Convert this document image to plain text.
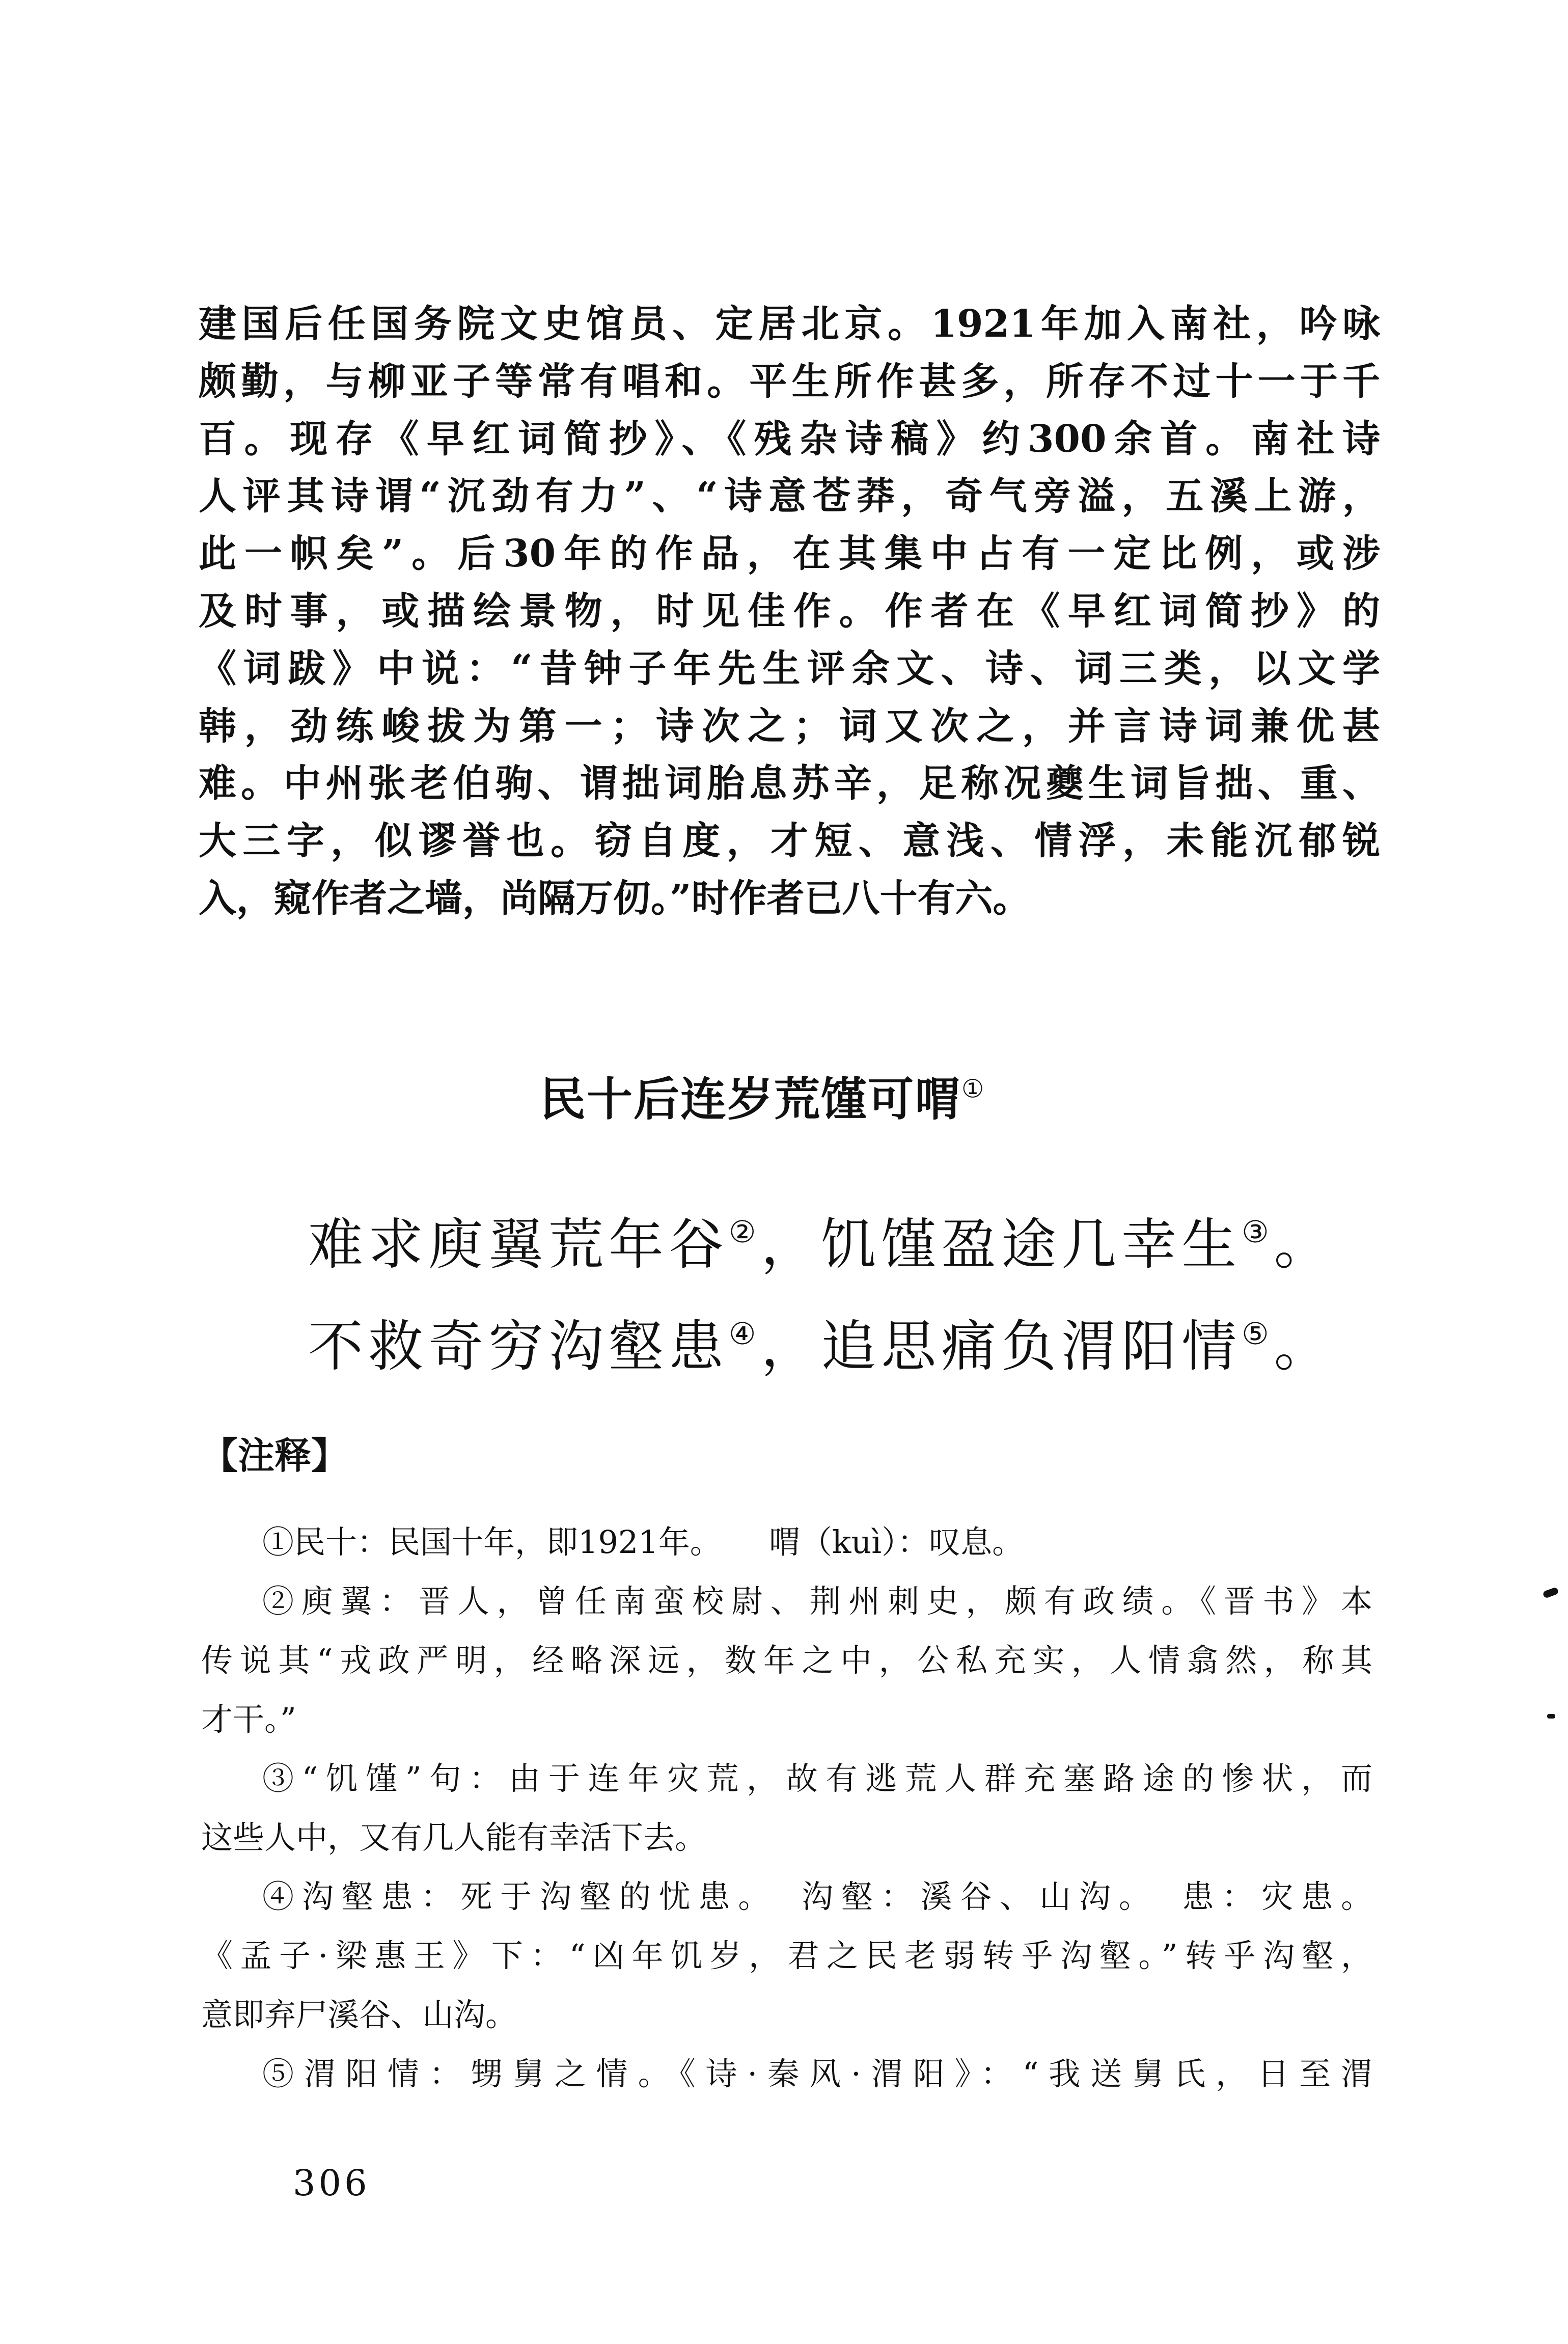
建国后任国务院文史馆员、定居北京。1921年加入南社，吟咏
颇勤，与柳亚子等常有唱和。平生所作甚多，所存不过十一于千
百。现存《早红词简抄》、《残杂诗稿》约300余首。南社诗
人评其诗谓“沉劲有力”、“诗意苍莽，奇气旁溢，五溪上游，
此一帜矣”。后30年的作品，在其集中占有一定比例，或涉
及时事，或描绘景物，时见佳作。作者在《早红词简抄》的
《词跋》中说：“昔钟子年先生评余文、诗、词三类，以文学
韩，劲练峻拔为第一；诗次之；词又次之，并言诗词兼优甚
难。中州张老伯驹、谓拙词胎息苏辛，足称况夔生词旨拙、重、
大三字，似谬誉也。窃自度，才短、意浅、情浮，未能沉郁锐
入，窥作者之墙，尚隔万仞。”时作者已八十有六。
民十后连岁荒馑可喟①
难求庾翼荒年谷②，饥馑盈途几幸生③。
不救奇穷沟壑患④，追思痛负渭阳情⑤。
【注释】
①民十：民国十年，即1921年。　　喟（kuì）：叹息。
②庾翼：晋人，曾任南蛮校尉、荆州刺史，颇有政绩。《晋书》本
传说其“戎政严明，经略深远，数年之中，公私充实，人情翕然，称其
才干。”
③“饥馑”句：由于连年灾荒，故有逃荒人群充塞路途的惨状，而
这些人中，又有几人能有幸活下去。
④沟壑患：死于沟壑的忧患。　沟壑：溪谷、山沟。　患：灾患。
《孟子·梁惠王》下：“凶年饥岁，君之民老弱转乎沟壑。”转乎沟壑，
意即弃尸溪谷、山沟。
⑤渭阳情：甥舅之情。《诗·秦风·渭阳》：“我送舅氏，日至渭
306
